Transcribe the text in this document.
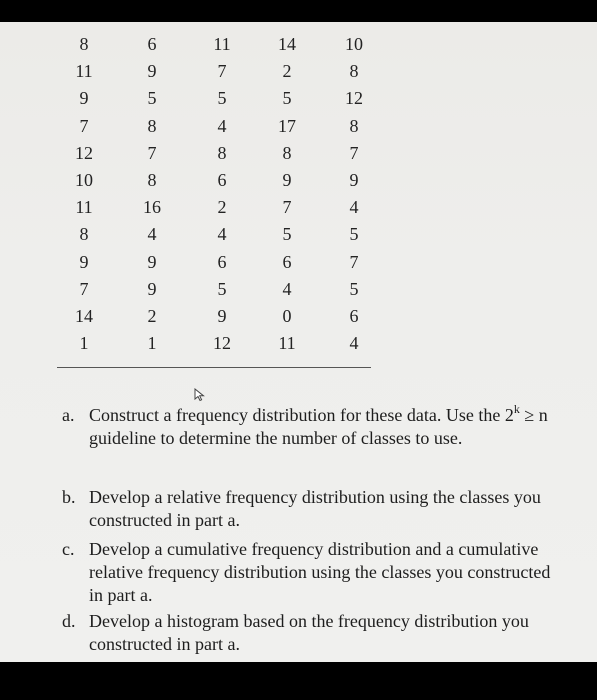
8	6	11	14	10
11	9	7	2	8
9	5	5	5	12
7	8	4	17	8
12	7	8	8	7
10	8	6	9	9
11	16	2	7	4
8	4	4	5	5
9	9	6	6	7
7	9	5	4	5
14	2	9	0	6
1	1	12	11	4
a. Construct a frequency distribution for these data. Use the $2^k \ge n$ guideline to determine the number of classes to use.
b. Develop a relative frequency distribution using the classes you constructed in part a.
c. Develop a cumulative frequency distribution and a cumulative relative frequency distribution using the classes you constructed in part a.
d. Develop a histogram based on the frequency distribution you constructed in part a.
